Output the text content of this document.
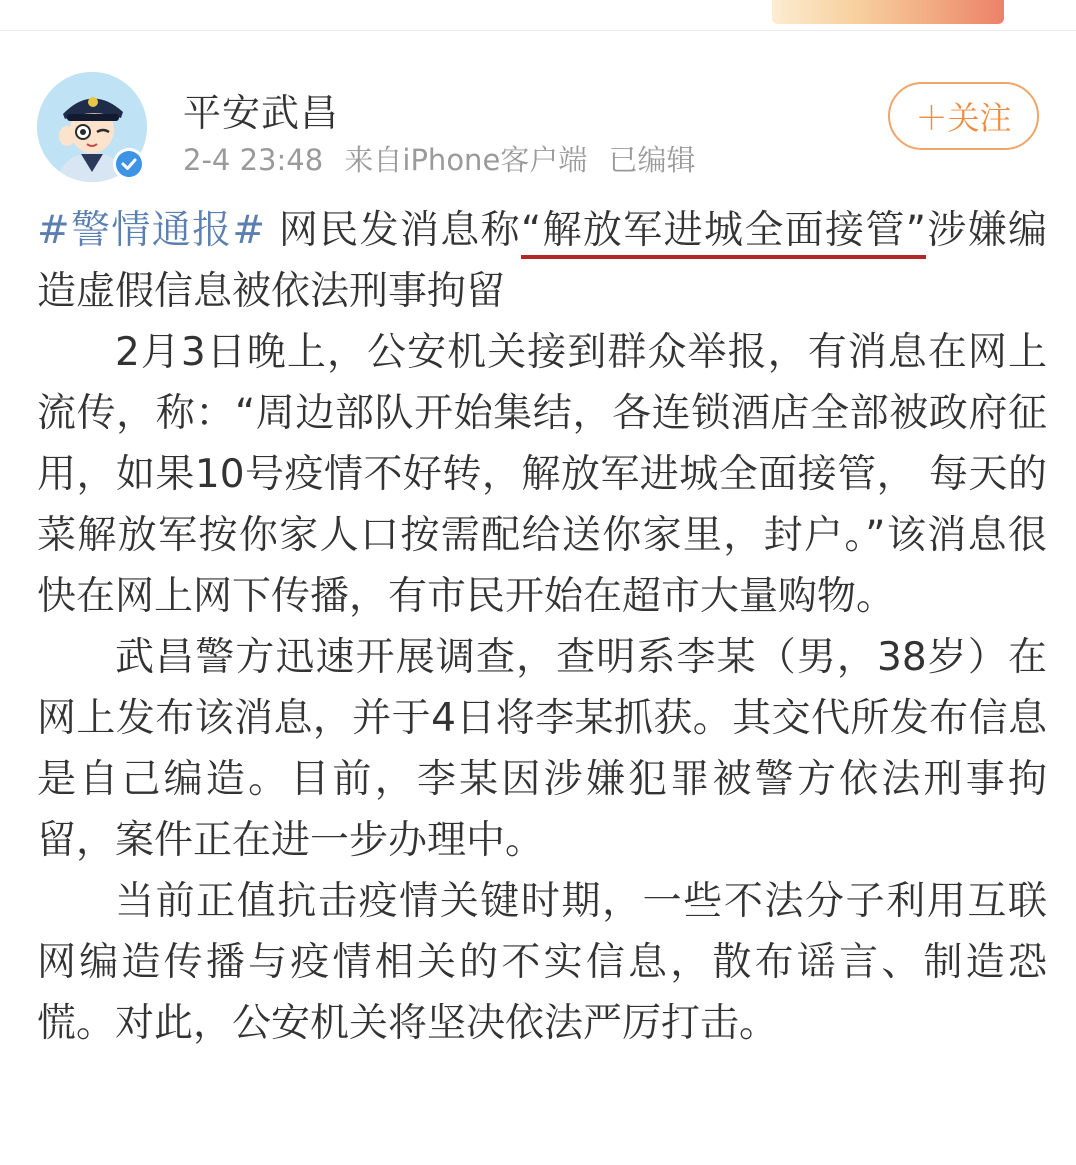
平安武昌
2-4 23:48 来自iPhone客户端 已编辑
＋关注

#警情通报# 网民发消息称“解放军进城全面接管”涉嫌编造虚假信息被依法刑事拘留

2月3日晚上，公安机关接到群众举报，有消息在网上流传，称：“周边部队开始集结，各连锁酒店全部被政府征用，如果10号疫情不好转，解放军进城全面接管， 每天的菜解放军按你家人口按需配给送你家里，封户。”该消息很快在网上网下传播，有市民开始在超市大量购物。

武昌警方迅速开展调查，查明系李某（男，38岁）在网上发布该消息，并于4日将李某抓获。其交代所发布信息是自己编造。目前，李某因涉嫌犯罪被警方依法刑事拘留，案件正在进一步办理中。

当前正值抗击疫情关键时期，一些不法分子利用互联网编造传播与疫情相关的不实信息，散布谣言、制造恐慌。对此，公安机关将坚决依法严厉打击。
